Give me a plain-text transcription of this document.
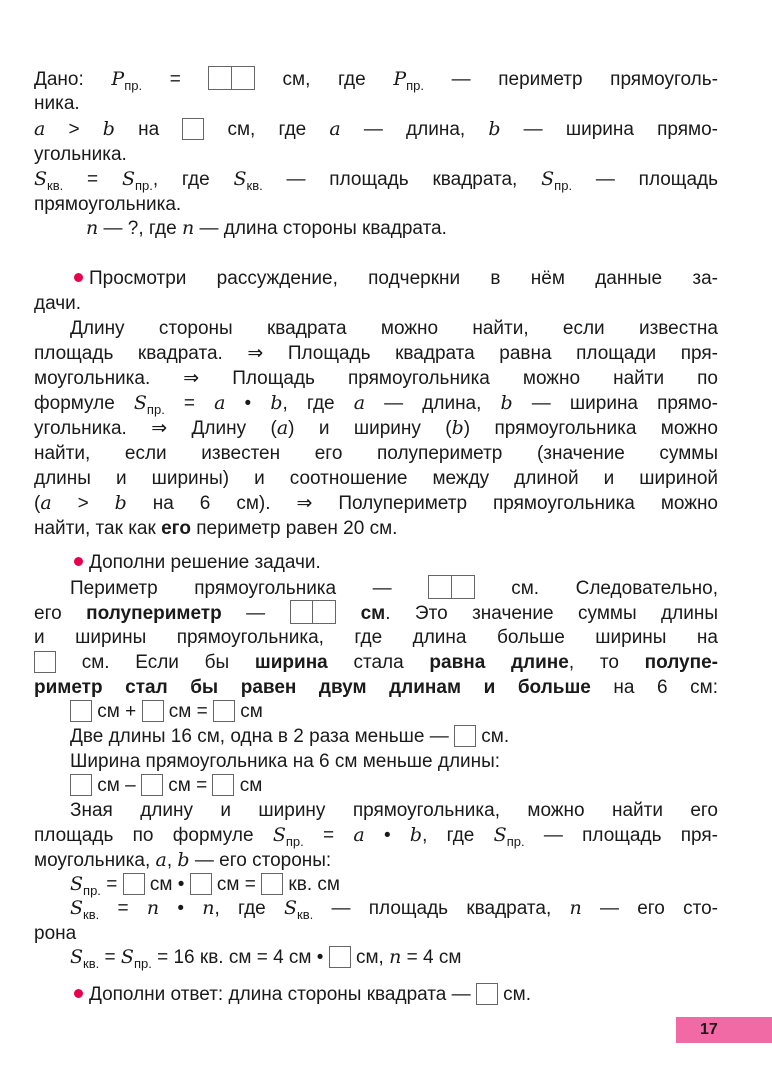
Дано: $P_{пр.}$ =
см, где $P_{пр.}$ — периметр прямоуголь-
ника.
a > b на  см, где a — длина, b — ширина прямо-
угольника.
$S_{кв.} = S_{пр.}$, где $S_{кв.}$ — площадь квадрата, $S_{пр.}$ — площадь
прямоугольника.
n — ?, где n — длина стороны квадрата.
Просмотри рассуждение, подчеркни в нём данные за-
дачи.
Длину стороны квадрата можно найти, если известна
площадь квадрата. ⇒ Площадь квадрата равна площади пря-
моугольника. ⇒ Площадь прямоугольника можно найти по
формуле $S_{пр.} = a$ • b, где a — длина, b — ширина прямо-
угольника. ⇒ Длину (a) и ширину (b) прямоугольника можно
найти, если известен его полупериметр (значение суммы
длины и ширины) и соотношение между длиной и шириной
(a > b на 6 см). ⇒ Полупериметр прямоугольника можно
найти, так как его периметр равен 20 см.
Дополни решение задачи.
Периметр прямоугольника —
см. Следовательно,
его полупериметр —	см. Это значение суммы длины
и ширины прямоугольника, где длина больше ширины на
см. Если бы ширина стала равна длине, то полупе-
риметр стал бы равен двум длинам и больше на 6 см:
см +  см =  см
Две длины 16 см, одна в 2 раза меньше —  см.
Ширина прямоугольника на 6 см меньше длины:
см –  см =  см
Зная длину и ширину прямоугольника, можно найти его
площадь по формуле $S_{пр.} = a$ • b, где $S_{пр.}$ — площадь пря-
моугольника, a, b — его стороны:
$S_{пр.}$ =  см •  см =  кв. см
$S_{кв.} = n$ • n, где $S_{кв.}$ — площадь квадрата, n — его сто-
рона
$S_{кв.} = S_{пр.} = 16$ кв. см = 4 см •  см, n = 4 см
Дополни ответ: длина стороны квадрата —  см.
17
